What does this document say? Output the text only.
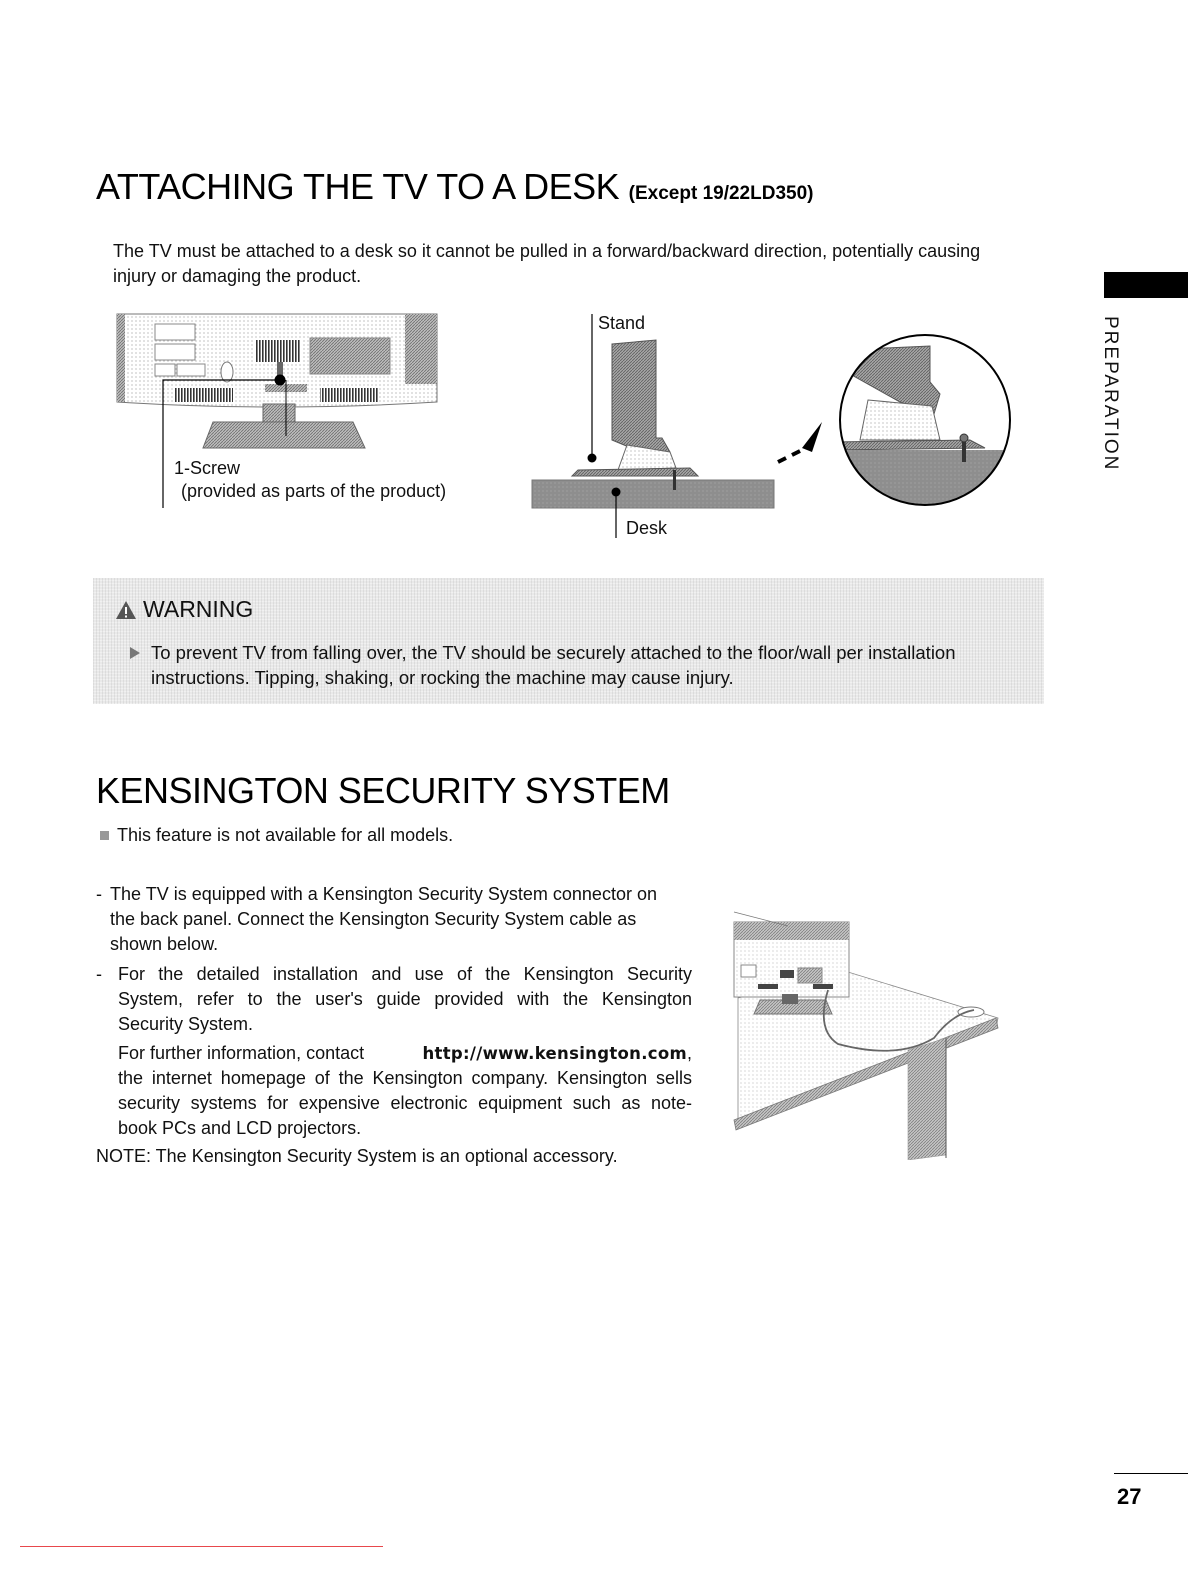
ATTACHING THE TV TO A DESK (Except 19/22LD350)
The TV must be attached to a desk so it cannot be pulled in a forward/backward direction, potentially causing
injury or damaging the product.
1-Screw
(provided as parts of the product)
Stand
Desk
WARNING
To prevent TV from falling over, the TV should be securely attached to the floor/wall per installation
instructions. Tipping, shaking, or rocking the machine may cause injury.
KENSINGTON SECURITY SYSTEM
This feature is not available for all models.
- The TV is equipped with a Kensington Security System connector on
the back panel. Connect the Kensington Security System cable as
shown below.
- For the detailed installation and use of the Kensington Security
System, refer to the user's guide provided with the Kensington
Security System.
For further information, contact	http://www.kensington.com,
the internet homepage of the Kensington company. Kensington sells
security systems for expensive electronic equipment such as note-
book PCs and LCD projectors.
NOTE: The Kensington Security System is an optional accessory.
PREPARATION
27
